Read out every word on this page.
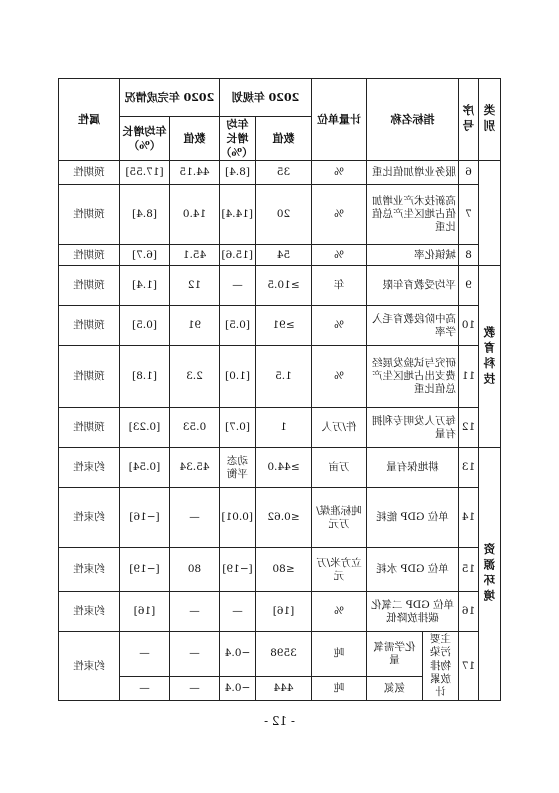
类别	序号	指标名称		计量单位	2020 年规划		2020 年完成情况		属性
					数值	年均增长（%）	数值	年均增长（%）	
	6	服务业增加值比重		%	35	[8.4]	44.15	[17.55]	预期性
	7	高新技术产业增加值占地区生产总值比重		%	20	[14.4]	14.0	[8.4]	预期性
	8	城镇化率		%	54	[15.6]	45.1	[6.7]	预期性

教育科技	9	平均受教育年限		年	≥10.5	—	12	[1.4]	预期性
	10	高中阶段教育毛入学率		%	≥91	[0.5]	91	[0.5]	预期性
	11	研究与试验发展经费支出占地区生产总值比重		%	1.5	[1.0]	2.3	[1.8]	预期性
	12	每万人发明专利拥有量		件/万人	1	[0.7]	0.53	[0.23]	预期性

资源环境	13	耕地保有量		万亩	≥44.0	动态平衡	45.34	[0.54]	约束性
	14	单位 GDP 能耗		吨标准煤/万元	≤0.62	[0.01]	—	[−16]	约束性
	15	单位 GDP 水耗		立方米/万元	≤80	[−19]	80	[−19]	约束性
	16	单位 GDP 二氧化碳排放降低		%	[16]	—	—	[16]	约束性
	17	主要污染物排放累计	化学需氧量	吨	3598	−0.4	—	—	约束性
			氨氮	吨	444	−0.4	—	—	
- 12 -
